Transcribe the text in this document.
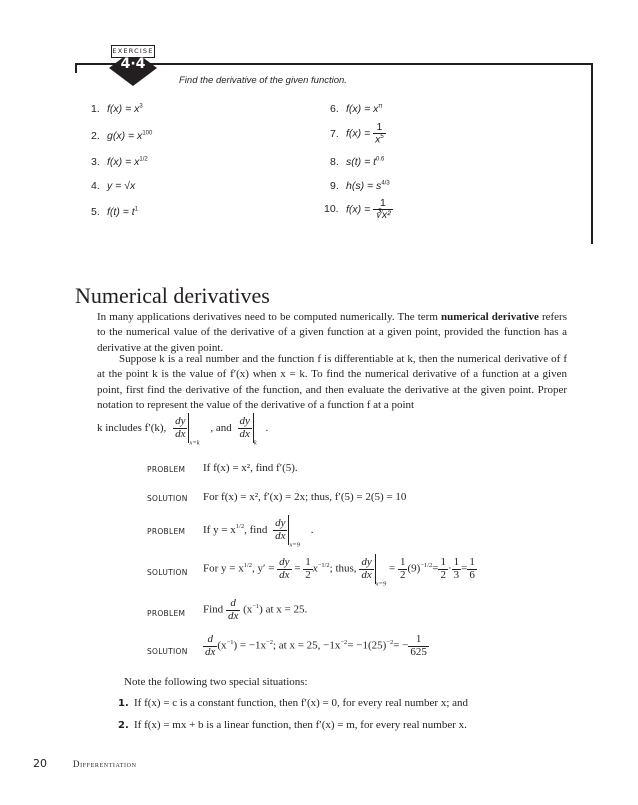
EXERCISE
4·4
Find the derivative of the given function.
1. $f(x) = x^3$
2. $g(x) = x^{100}$
3. $f(x) = x^{1/2}$
4. y = √x
5. $f(t) = t^1$
6. $f(x) = x^\pi$
7. $f(x) = \frac{1}{x^5}$
8. $s(t) = t^{0.6}$
9. $h(s) = s^{4/3}$
10. $f(x) = \frac{1}{\text{∛x²}}$
Numerical derivatives
In many applications derivatives need to be computed numerically. The term numerical derivative refers to the numerical value of the derivative of a given function at a given point, provided the function has a derivative at the given point.
Suppose k is a real number and the function f is differentiable at k, then the numerical derivative of f at the point k is the value of f′(x) when x = k. To find the numerical derivative of a function at a given point, first find the derivative of the function, and then evaluate the derivative at the given point. Proper notation to represent the value of the derivative of a function f at a point
k includes f′(k), $\frac{dy}{dx}$
$_{x=k}$ , and $\frac{dy}{dx}$
$_k$ .
PROBLEM If f(x) = x², find f′(5).
SOLUTION For f(x) = x², f′(x) = 2x; thus, f′(5) = 2(5) = 10
PROBLEM If $y = x^{1/2}$, find $\frac{dy}{dx}$
$_{x=9}$ .
SOLUTION For $y = x^{1/2}$, $y' = \frac{dy}{dx} = \frac{1}{2} x^{-1/2}$; thus, $\frac{dy}{dx}$
$_{x=9} = \frac{1}{2} (9)^{-1/2}= \frac{1}{2} \cdot \frac{1}{3} = \frac{1}{6}$
PROBLEM Find $\frac{d}{dx} (x^{-1})$ at x = 25.
SOLUTION $\frac{d}{dx} (x^{-1}) = -1x^{-2}$; at x = 25, $-1x^{-2}= -1(25)^{-2}= - \frac{1}{625}$
Note the following two special situations:
1. If f(x) = c is a constant function, then f′(x) = 0, for every real number x; and
2. If f(x) = mx + b is a linear function, then f′(x) = m, for every real number x.
20	Differentiation
